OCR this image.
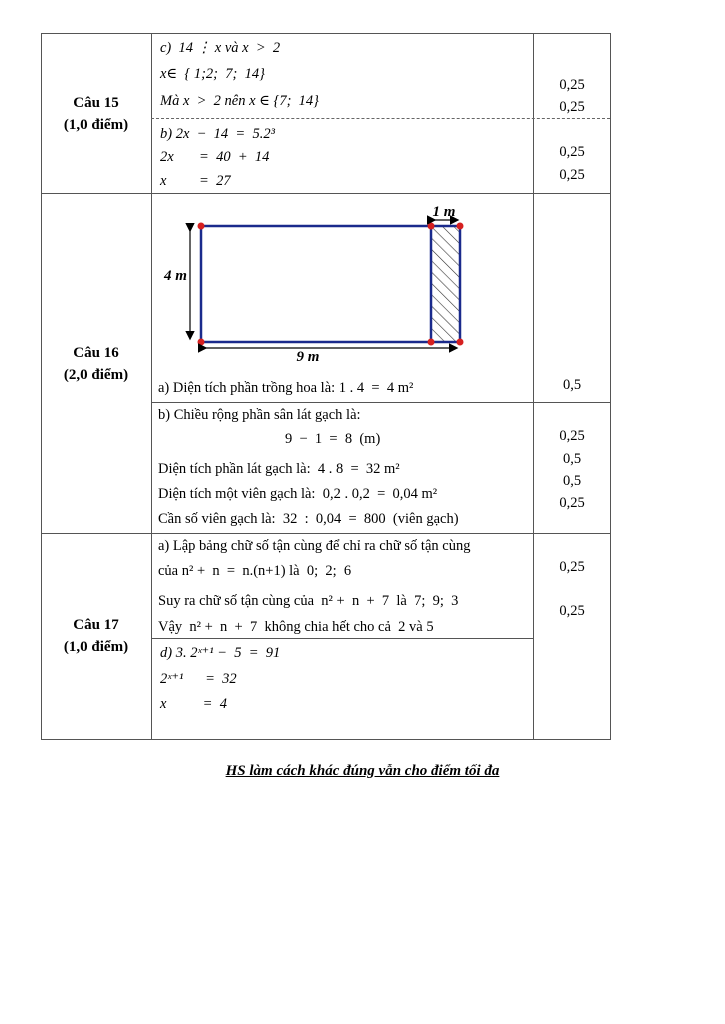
Câu 15
(1,0 điểm)
c)  14 ⋮ x và x  >  2
x∈  { 1;2;  7;  14}
Mà x  >  2 nên x ∈ {7;  14}
0,25
0,25
b) 2x  −  14  =  5.2³
2x       =  40  +  14
x         =  27
0,25
0,25
Câu 16
(2,0 điểm)
1 m
4 m
9 m
a) Diện tích phần trồng hoa là: 1 . 4  =  4 m²	0,5
b) Chiều rộng phần sân lát gạch là:
9  −  1  =  8  (m)
Diện tích phần lát gạch là:  4 . 8  =  32 m²
Diện tích một viên gạch là:  0,2 . 0,2  =  0,04 m²
Cần số viên gạch là:  32  :  0,04  =  800  (viên gạch)
0,25
0,5
0,5
0,25
Câu 17
(1,0 điểm)
a) Lập bảng chữ số tận cùng để chỉ ra chữ số tận cùng
của n² +  n  =  n.(n+1) là  0;  2;  6
Suy ra chữ số tận cùng của  n² +  n  +  7  là  7;  9;  3
Vậy  n² +  n  +  7  không chia hết cho cả  2 và 5
0,25
0,25
d) 3. 2ˣ⁺¹ −  5  =  91
2ˣ⁺¹      =  32
x          =  4
HS làm cách khác đúng vẫn cho điểm tối đa
